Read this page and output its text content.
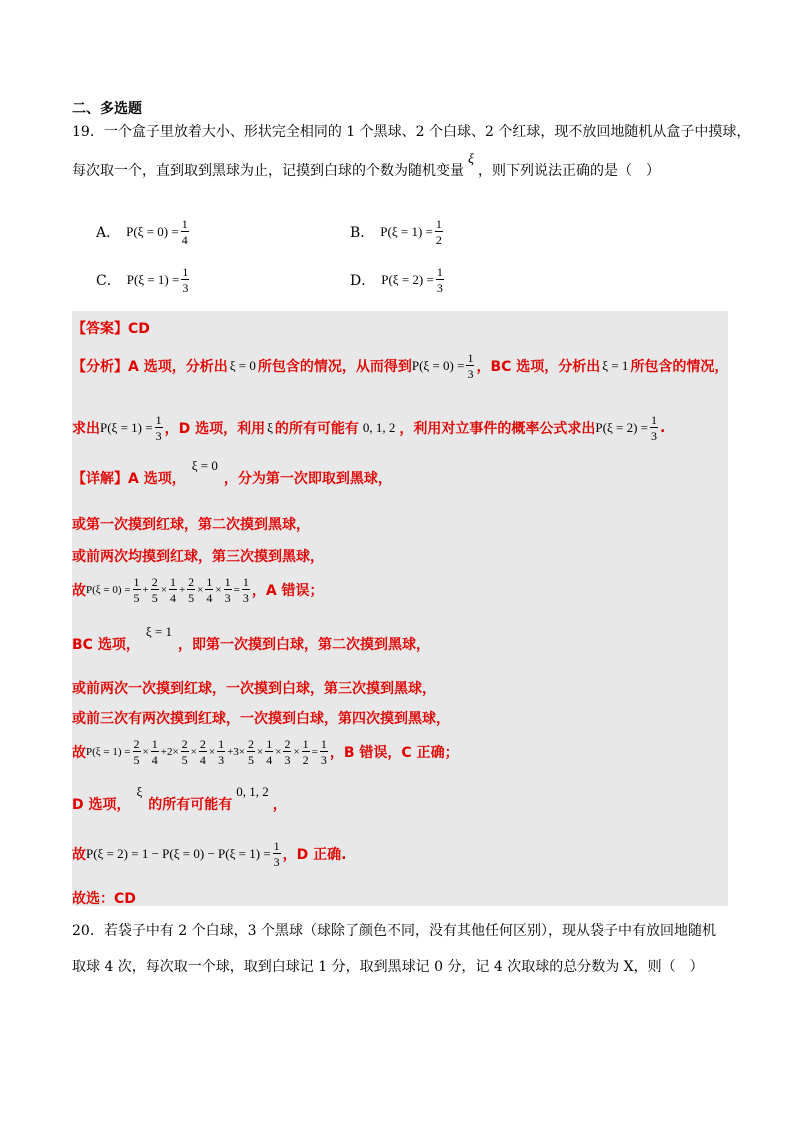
二、多选题
19．一个盒子里放着大小、形状完全相同的 1 个黑球、2 个白球、2 个红球，现不放回地随机从盒子中摸球，
每次取一个，直到取到黑球为止，记摸到白球的个数为随机变量ξ，则下列说法正确的是（　）
A． $P(\xi = 0) = \frac{1}{4}$	B． $P(\xi = 1) = \frac{1}{2}$
C． $P(\xi = 1) = \frac{1}{3}$	D． $P(\xi = 2) = \frac{1}{3}$
【答案】CD
【分析】A 选项，分析出 ξ = 0 所包含的情况，从而得到 $P(\xi = 0) = \frac{1}{3}$ ，BC 选项，分析出 ξ = 1 所包含的情况，
求出 $P(\xi = 1) = \frac{1}{3}$ ，D 选项，利用 ξ 的所有可能有 0, 1, 2 ，利用对立事件的概率公式求出 $P(\xi = 2) = \frac{1}{3}$ .
【详解】A 选项，
ξ = 0
，分为第一次即取到黑球，
或第一次摸到红球，第二次摸到黑球，
或前两次均摸到红球，第三次摸到黑球，
故 $P(\xi = 0) = \frac{1}{5} + \frac{2}{5} \times \frac{1}{4} + \frac{2}{5} \times \frac{1}{4} \times \frac{1}{3} = \frac{1}{3}$ ，A 错误；
BC 选项，
ξ = 1
，即第一次摸到白球，第二次摸到黑球，
或前两次一次摸到红球，一次摸到白球，第三次摸到黑球，
或前三次有两次摸到红球，一次摸到白球，第四次摸到黑球，
故 $P(\xi = 1) = \frac{2}{5} \times \frac{1}{4} +2\times \frac{2}{5} \times \frac{2}{4} \times \frac{1}{3} +3\times \frac{2}{5} \times \frac{1}{4} \times \frac{2}{3} \times \frac{1}{2} = \frac{1}{3}$ ，B 错误，C 正确；
D 选项，
ξ
的所有可能有
0, 1, 2
，
故 $P(\xi = 2) = 1 - P(\xi = 0) - P(\xi = 1) = \frac{1}{3}$ ，D 正确.
故选：CD
20．若袋子中有 2 个白球，3 个黑球（球除了颜色不同，没有其他任何区别），现从袋子中有放回地随机
取球 4 次，每次取一个球，取到白球记 1 分，取到黑球记 0 分，记 4 次取球的总分数为 X，则（　）
